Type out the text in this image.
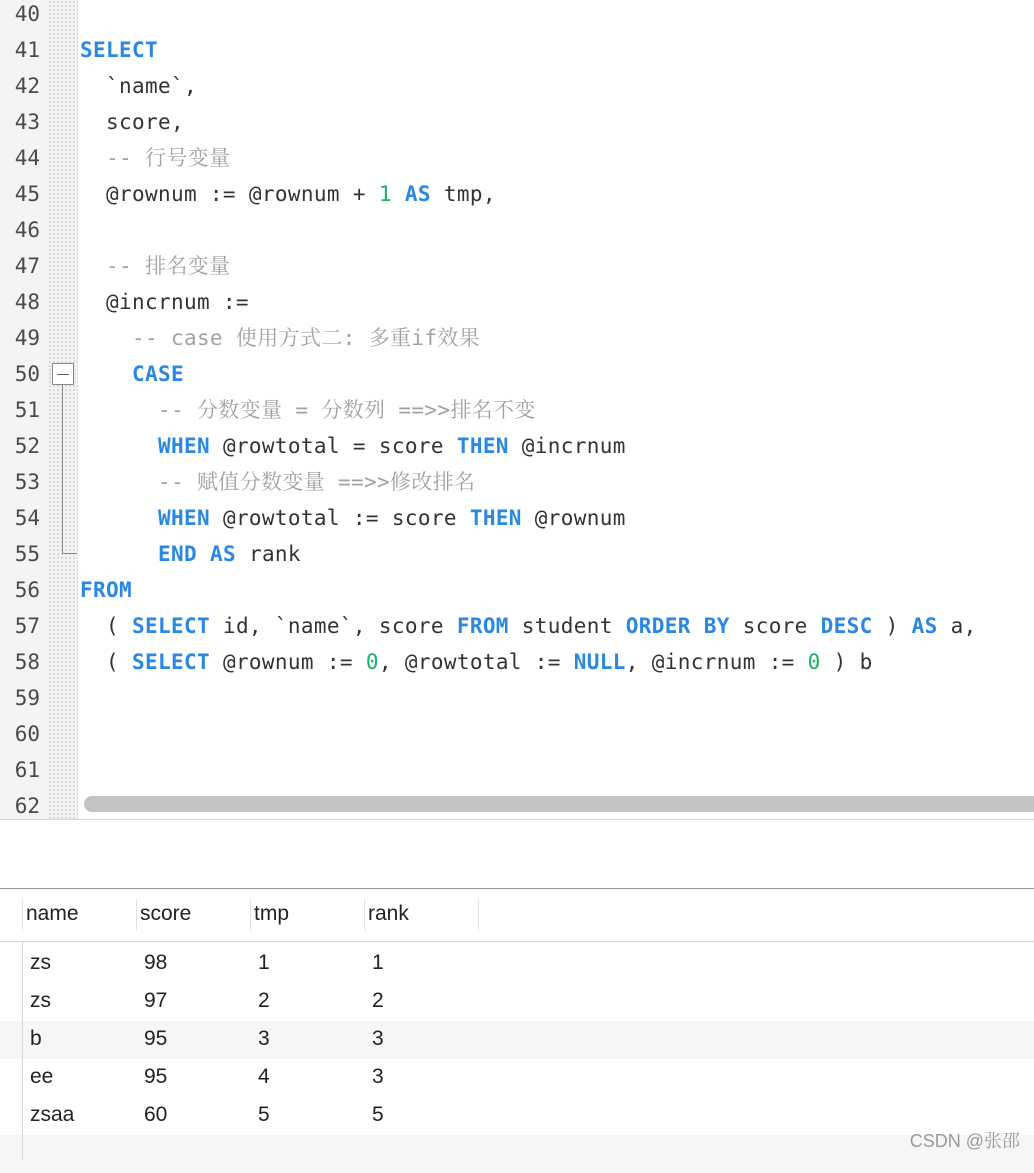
40
41 SELECT
42 `name`,
43 score,
44 -- 行号变量
45 @rownum := @rownum + 1 AS tmp,
46
47 -- 排名变量
48 @incrnum :=
49 -- case 使用方式二: 多重if效果
50	CASE
51 -- 分数变量 = 分数列 ==>>排名不变
52	WHEN @rowtotal = score THEN @incrnum
53 -- 赋值分数变量 ==>>修改排名
54	WHEN @rowtotal := score THEN @rownum
55	END AS rank
56 FROM
57 ( SELECT id, `name`, score FROM student ORDER BY score DESC ) AS a,
58 ( SELECT @rownum := 0, @rowtotal := NULL, @incrnum := 0 ) b
59
60
61
62
name	score	tmp	rank
zs	98	1	1
zs	97	2	2
b	95	3	3
ee	95	4	3
zsaa	60	5	5
CSDN @张邵
